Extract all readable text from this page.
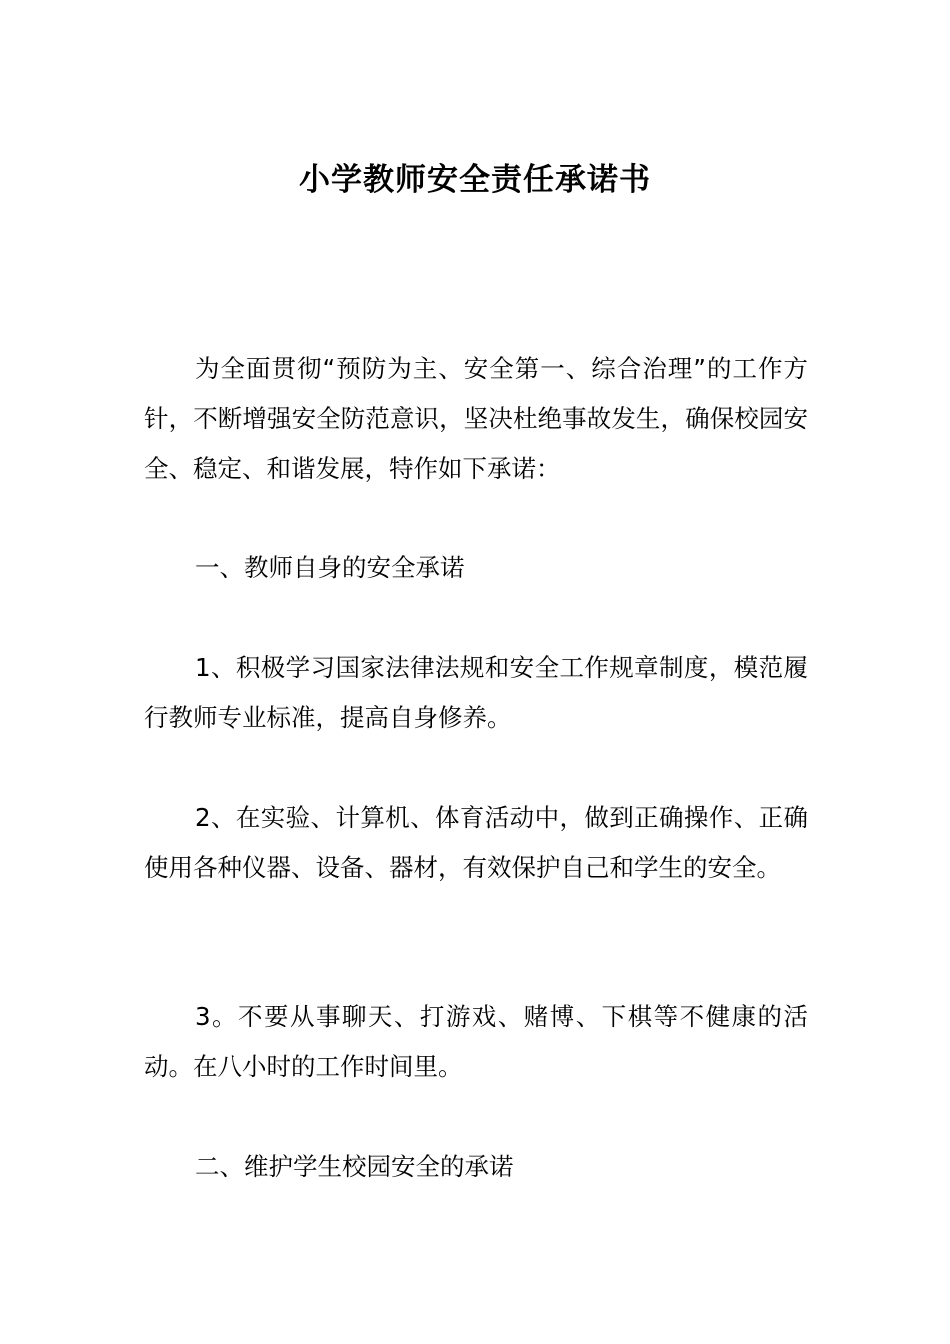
小学教师安全责任承诺书

为全面贯彻“预防为主、安全第一、综合治理”的工作方针，不断增强安全防范意识，坚决杜绝事故发生，确保校园安全、稳定、和谐发展，特作如下承诺：

一、教师自身的安全承诺

1、积极学习国家法律法规和安全工作规章制度，模范履行教师专业标准，提高自身修养。

2、在实验、计算机、体育活动中，做到正确操作、正确使用各种仪器、设备、器材，有效保护自己和学生的安全。

3。不要从事聊天、打游戏、赌博、下棋等不健康的活动。在八小时的工作时间里。

二、维护学生校园安全的承诺
